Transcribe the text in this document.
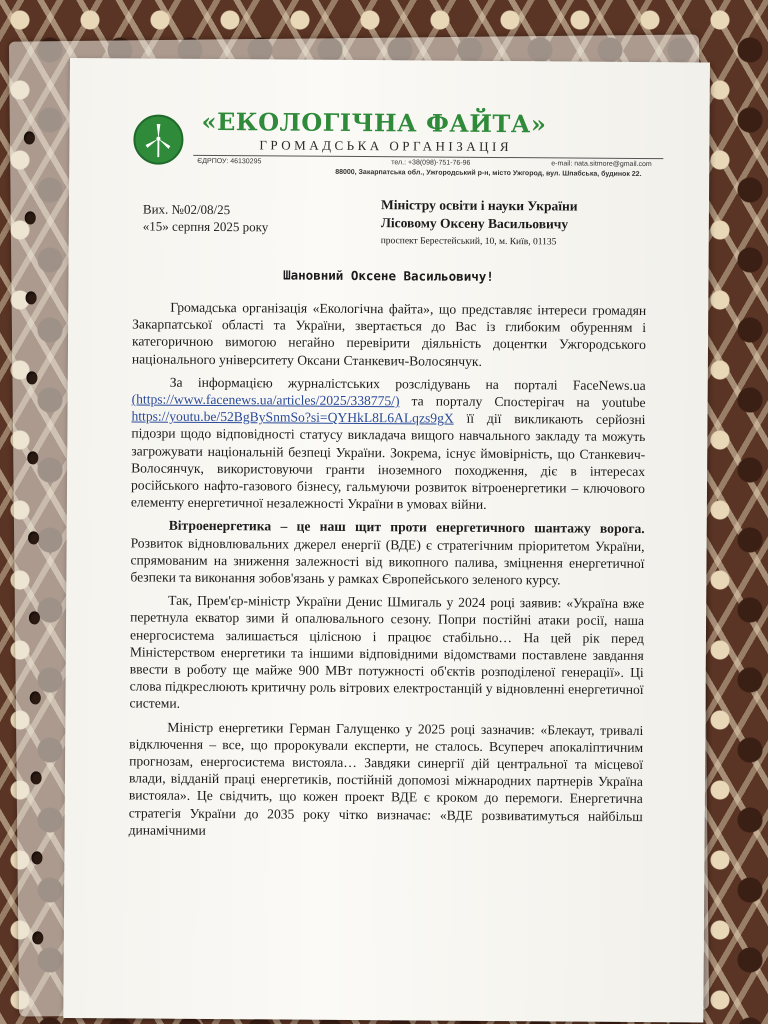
«ЕКОЛОГІЧНА ФАЙТА»
ГРОМАДСЬКА ОРГАНІЗАЦІЯ
ЄДРПОУ: 46130295	тел.: +38(098)-751-76-96	e-mail: nata.sitmore@gmail.com
88000, Закарпатська обл., Ужгородський р-н, місто Ужгород, вул. Шпабська, будинок 22.
Вих. №02/08/25
«15» серпня 2025 року
Міністру освіти і науки України
Лісовому Оксену Васильовичу
проспект Берестейський, 10, м. Київ, 01135
Шановний Оксене Васильовичу!

Громадська організація «Екологічна файта», що представляє інтереси громадян Закарпатської області та України, звертається до Вас із глибоким обуренням і категоричною вимогою негайно перевірити діяльність доцентки Ужгородського національного університету Оксани Станкевич-Волосянчук.

За інформацією журналістських розслідувань на порталі FaceNews.ua (https://www.facenews.ua/articles/2025/338775/) та порталу Спостерігач на youtube https://youtu.be/52BgBySnmSo?si=QYHkL8L6ALqzs9gX її дії викликають серйозні підозри щодо відповідності статусу викладача вищого навчального закладу та можуть загрожувати національній безпеці України. Зокрема, існує ймовірність, що Станкевич-Волосянчук, використовуючи гранти іноземного походження, діє в інтересах російського нафто-газового бізнесу, гальмуючи розвиток вітроенергетики – ключового елементу енергетичної незалежності України в умовах війни.

Вітроенергетика – це наш щит проти енергетичного шантажу ворога. Розвиток відновлювальних джерел енергії (ВДЕ) є стратегічним пріоритетом України, спрямованим на зниження залежності від викопного палива, зміцнення енергетичної безпеки та виконання зобов'язань у рамках Європейського зеленого курсу.

Так, Прем'єр-міністр України Денис Шмигаль у 2024 році заявив: «Україна вже перетнула екватор зими й опалювального сезону. Попри постійні атаки росії, наша енергосистема залишається цілісною і працює стабільно… На цей рік перед Міністерством енергетики та іншими відповідними відомствами поставлене завдання ввести в роботу ще майже 900 МВт потужності об'єктів розподіленої генерації». Ці слова підкреслюють критичну роль вітрових електростанцій у відновленні енергетичної системи.

Міністр енергетики Герман Галущенко у 2025 році зазначив: «Блекаут, тривалі відключення – все, що пророкували експерти, не сталось. Всупереч апокаліптичним прогнозам, енергосистема вистояла… Завдяки синергії дій центральної та місцевої влади, відданій праці енергетиків, постійній допомозі міжнародних партнерів Україна вистояла». Це свідчить, що кожен проект ВДЕ є кроком до перемоги. Енергетична стратегія України до 2035 року чітко визначає: «ВДЕ розвиватимуться найбільш динамічними
